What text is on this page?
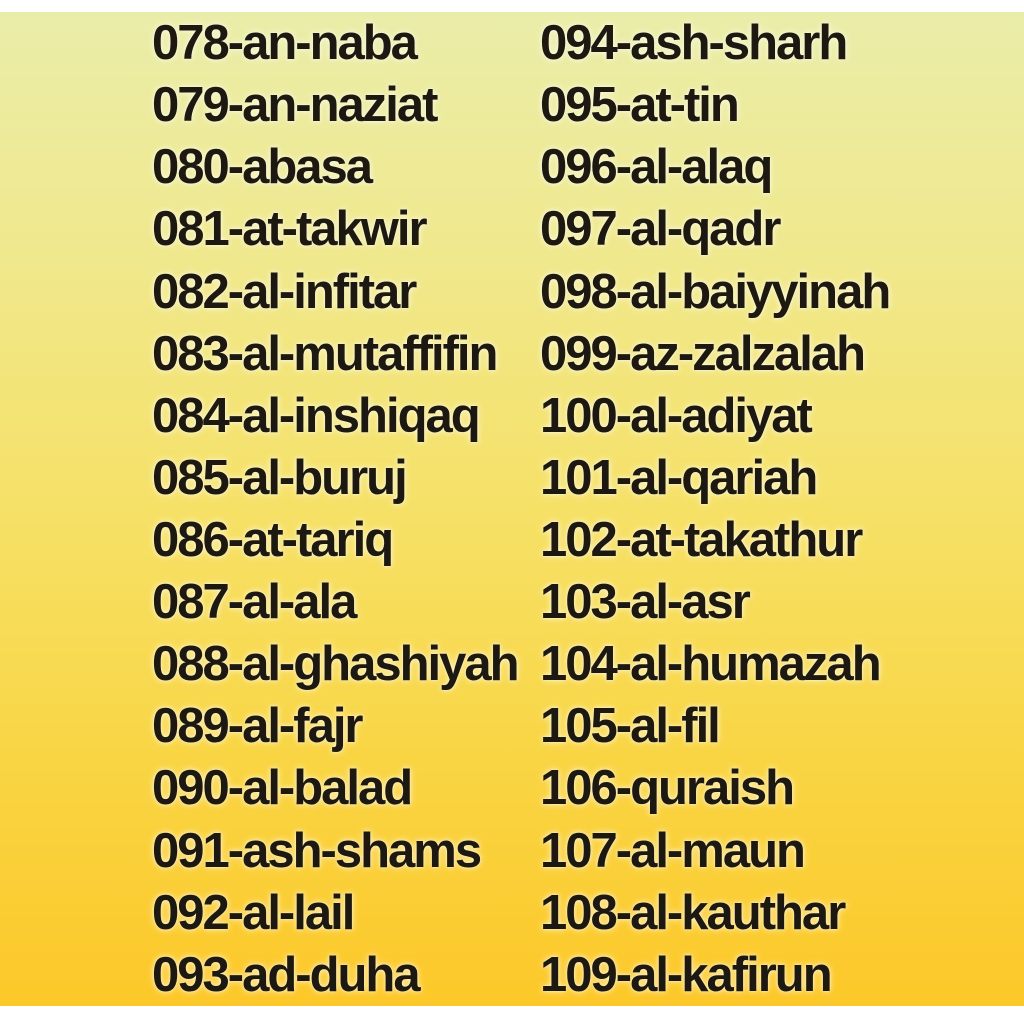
078-an-naba
079-an-naziat
080-abasa
081-at-takwir
082-al-infitar
083-al-mutaffifin
084-al-inshiqaq
085-al-buruj
086-at-tariq
087-al-ala
088-al-ghashiyah
089-al-fajr
090-al-balad
091-ash-shams
092-al-lail
093-ad-duha
094-ash-sharh
095-at-tin
096-al-alaq
097-al-qadr
098-al-baiyyinah
099-az-zalzalah
100-al-adiyat
101-al-qariah
102-at-takathur
103-al-asr
104-al-humazah
105-al-fil
106-quraish
107-al-maun
108-al-kauthar
109-al-kafirun
